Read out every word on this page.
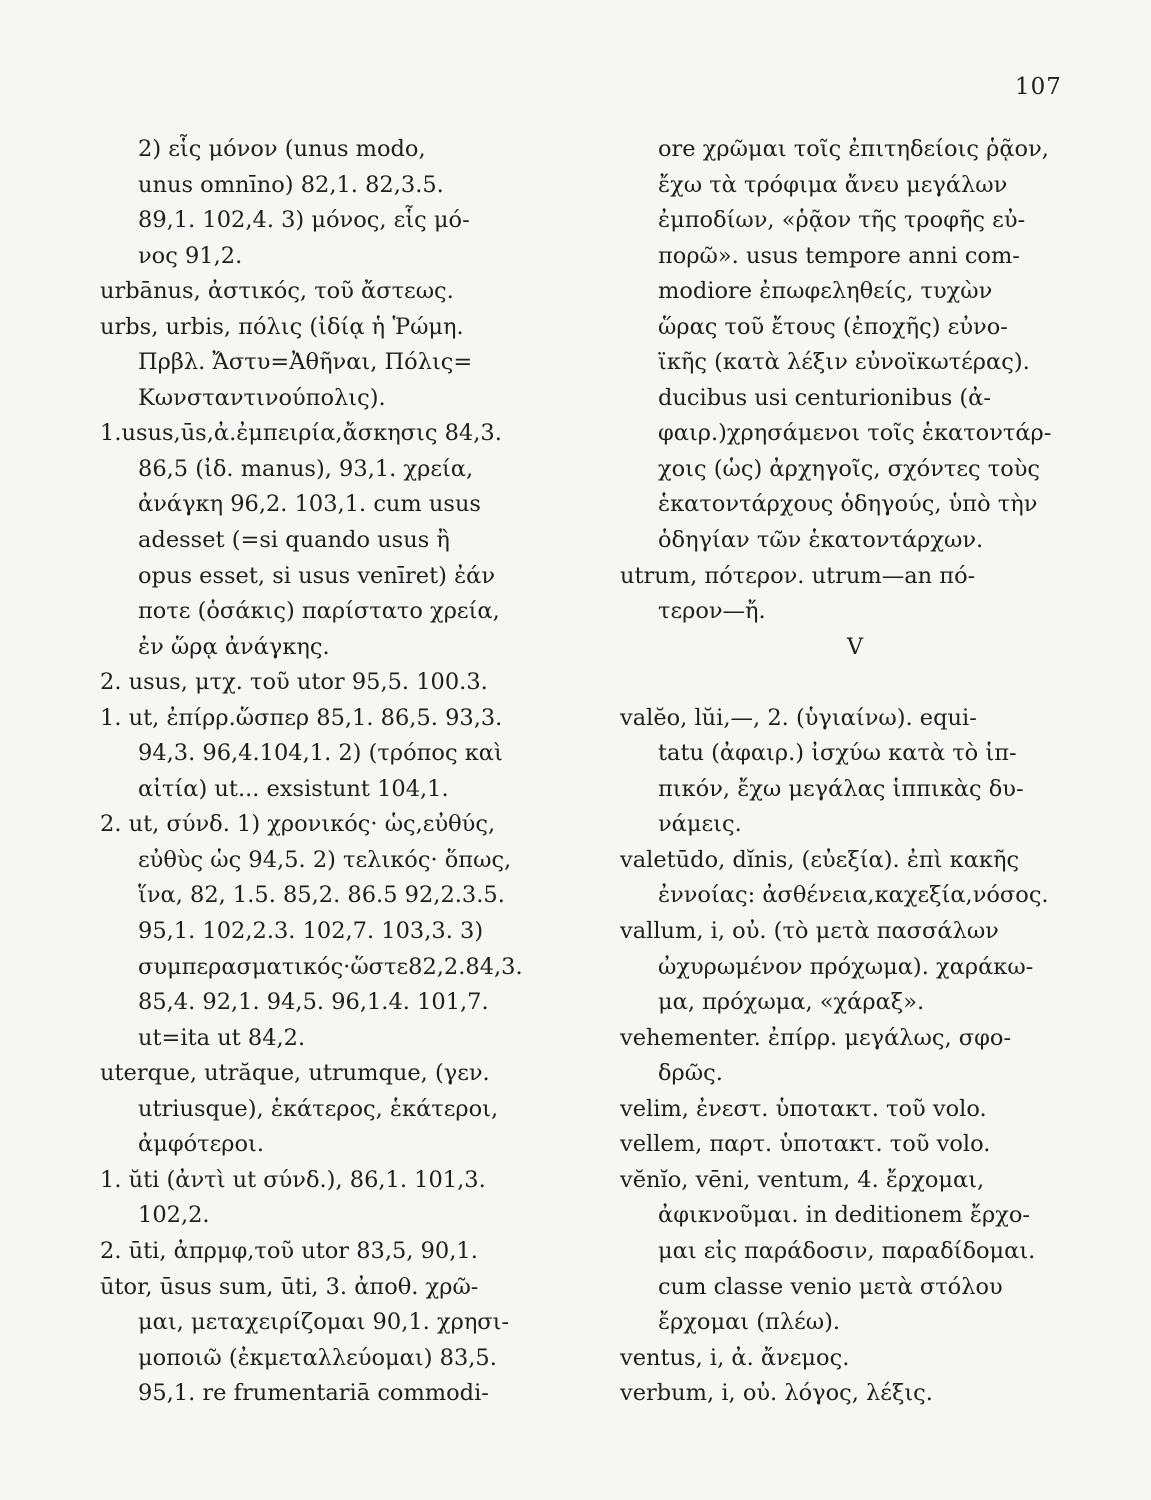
107
2) εἷς μόνον (unus modo,
unus omnīno) 82,1. 82,3.5.
89,1. 102,4. 3) μόνος, εἷς μό-
νος 91,2.
urbānus, ἀστικός, τοῦ ἄστεως.
urbs, urbis, πόλις (ἰδίᾳ ἡ Ῥώμη.
Πρβλ. Ἄστυ=Ἀθῆναι, Πόλις=
Κωνσταντινούπολις).
1.usus,ūs,ἀ.ἐμπειρία,ἄσκησις 84,3.
86,5 (ἰδ. manus), 93,1. χρεία,
ἀνάγκη 96,2. 103,1. cum usus
adesset (=si quando usus ἢ
opus esset, si usus venīret) ἐάν
ποτε (ὁσάκις) παρίστατο χρεία,
ἐν ὥρᾳ ἀνάγκης.
2. usus, μτχ. τοῦ utor 95,5. 100.3.
1. ut, ἐπίρρ.ὥσπερ 85,1. 86,5. 93,3.
94,3. 96,4.104,1. 2) (τρόπος καὶ
αἰτία) ut... exsistunt 104,1.
2. ut, σύνδ. 1) χρονικός· ὡς,εὐθύς,
εὐθὺς ὡς 94,5. 2) τελικός· ὅπως,
ἵνα, 82, 1.5. 85,2. 86.5 92,2.3.5.
95,1. 102,2.3. 102,7. 103,3. 3)
συμπερασματικός·ὥστε82,2.84,3.
85,4. 92,1. 94,5. 96,1.4. 101,7.
ut=ita ut 84,2.
uterque, utrăque, utrumque, (γεν.
utriusque), ἑκάτερος, ἑκάτεροι,
ἀμφότεροι.
1. ŭti (ἀντὶ ut σύνδ.), 86,1. 101,3.
102,2.
2. ūti, ἀπρμφ,τοῦ utor 83,5, 90,1.
ūtor, ūsus sum, ūti, 3. ἀποθ. χρῶ-
μαι, μεταχειρίζομαι 90,1. χρησι-
μοποιῶ (ἐκμεταλλεύομαι) 83,5.
95,1. re frumentariā commodi-
ore χρῶμαι τοῖς ἐπιτηδείοις ῥᾷον,
ἔχω τὰ τρόφιμα ἄνευ μεγάλων
ἐμποδίων, «ῥᾷον τῆς τροφῆς εὐ-
πορῶ». usus tempore anni com-
modiore ἐπωφεληθείς, τυχὼν
ὥρας τοῦ ἔτους (ἐποχῆς) εὐνο-
ϊκῆς (κατὰ λέξιν εὐνοϊκωτέρας).
ducibus usi centurionibus (ἀ-
φαιρ.)χρησάμενοι τοῖς ἑκατοντάρ-
χοις (ὡς) ἀρχηγοῖς, σχόντες τοὺς
ἑκατοντάρχους ὁδηγούς, ὑπὸ τὴν
ὁδηγίαν τῶν ἑκατοντάρχων.
utrum, πότερον. utrum—an πό-
τερον—ἤ.
V
valĕo, lŭi,—, 2. (ὑγιαίνω). equi-
tatu (ἀφαιρ.) ἰσχύω κατὰ τὸ ἱπ-
πικόν, ἔχω μεγάλας ἱππικὰς δυ-
νάμεις.
valetūdo, dĭnis, (εὐεξία). ἐπὶ κακῆς
ἐννοίας: ἀσθένεια,καχεξία,νόσος.
vallum, i, οὐ. (τὸ μετὰ πασσάλων
ὠχυρωμένον πρόχωμα). χαράκω-
μα, πρόχωμα, «χάραξ».
vehementer. ἐπίρρ. μεγάλως, σφο-
δρῶς.
velim, ἐνεστ. ὑποτακτ. τοῦ volo.
vellem, παρτ. ὑποτακτ. τοῦ volo.
vĕnĭo, vēni, ventum, 4. ἔρχομαι,
ἀφικνοῦμαι. in deditionem ἔρχο-
μαι εἰς παράδοσιν, παραδίδομαι.
cum classe venio μετὰ στόλου
ἔρχομαι (πλέω).
ventus, i, ἀ. ἄνεμος.
verbum, i, οὐ. λόγος, λέξις.
